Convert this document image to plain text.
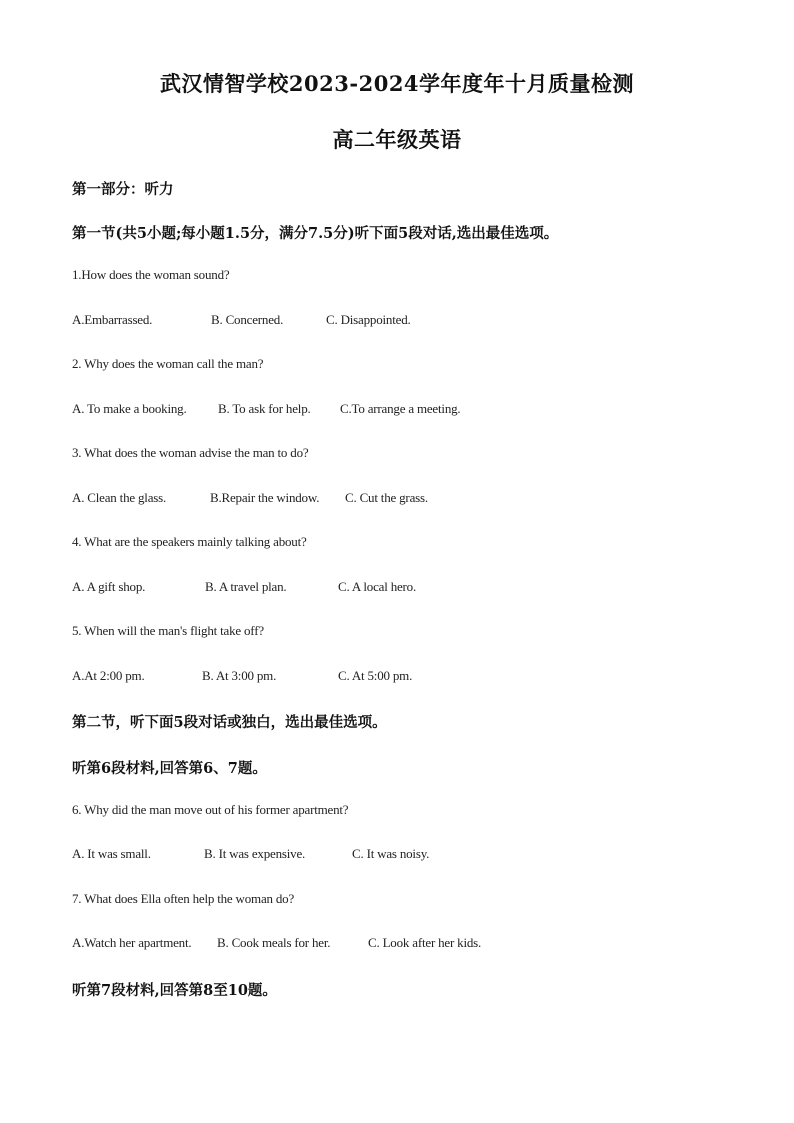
武汉情智学校2023-2024学年度年十月质量检测
高二年级英语
第一部分：听力
第一节(共5小题;每小题1.5分，满分7.5分)听下面5段对话,选出最佳选项。
1.How does the woman sound?
A.Embarrassed.	B. Concerned.	C. Disappointed.
2. Why does the woman call the man?
A. To make a booking. B. To ask for help. C.To arrange a meeting.
3. What does the woman advise the man to do?
A. Clean the glass.	B.Repair the window. C. Cut the grass.
4. What are the speakers mainly talking about?
A. A gift shop.	B. A travel plan.	C. A local hero.
5. When will the man's flight take off?
A.At 2:00 pm.	B. At 3:00 pm.	C. At 5:00 pm.
第二节，听下面5段对话或独白，选出最佳选项。
听第6段材料,回答第6、7题。
6. Why did the man move out of his former apartment?
A. It was small.	B. It was expensive.	C. It was noisy.
7. What does Ella often help the woman do?
A.Watch her apartment. B. Cook meals for her.	C. Look after her kids.
听第7段材料,回答第8至10题。
